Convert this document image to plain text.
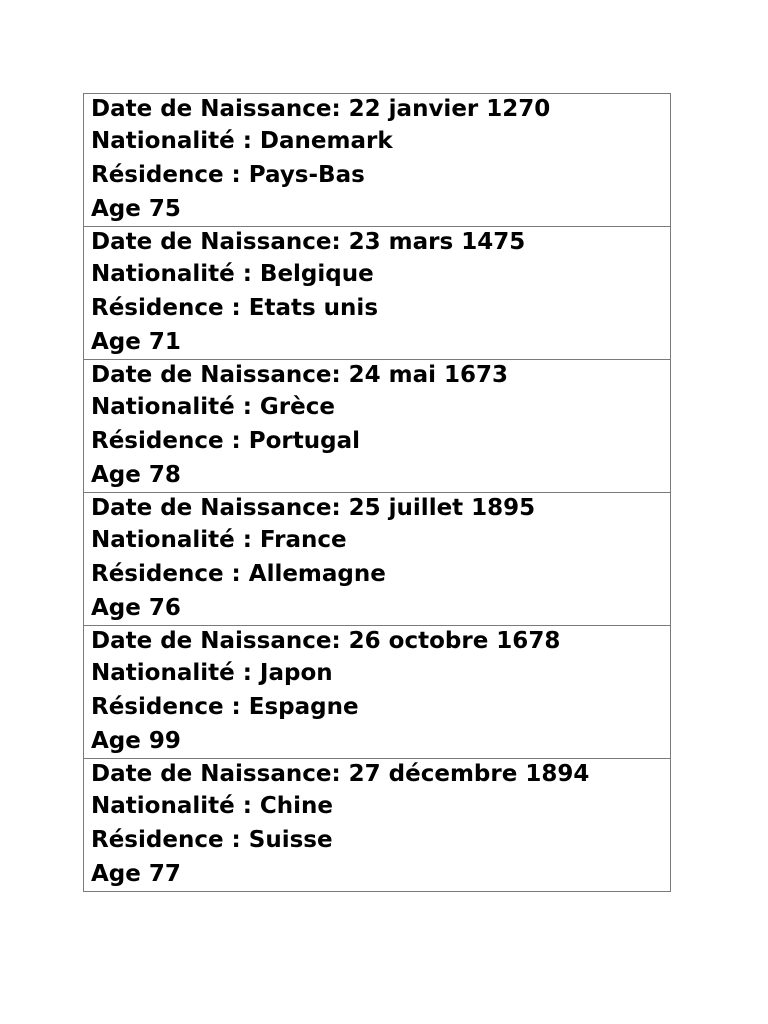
Date de Naissance: 22 janvier 1270
Nationalité : Danemark
Résidence : Pays-Bas
Age 75

Date de Naissance: 23 mars 1475
Nationalité : Belgique
Résidence : Etats unis
Age 71

Date de Naissance: 24 mai 1673
Nationalité : Grèce
Résidence : Portugal
Age 78

Date de Naissance: 25 juillet 1895
Nationalité : France
Résidence : Allemagne
Age 76

Date de Naissance: 26 octobre 1678
Nationalité : Japon
Résidence : Espagne
Age 99

Date de Naissance: 27 décembre 1894
Nationalité : Chine
Résidence : Suisse
Age 77
